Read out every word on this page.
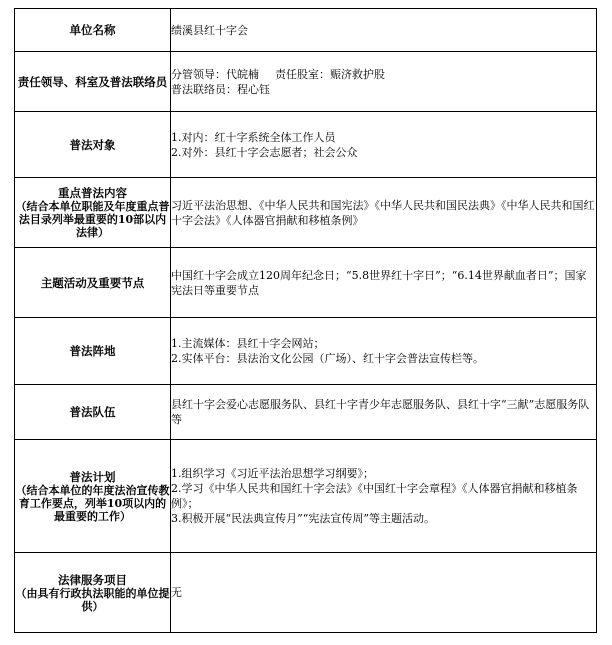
单位名称	绩溪县红十字会

责任领导、科室及普法联络员	分管领导：代皖楠 责任股室：赈济救护股
普法联络员：程心钰

普法对象	1.对内：红十字系统全体工作人员
2.对外：县红十字会志愿者；社会公众

重点普法内容
（结合本单位职能及年度重点普法目录列举最重要的10部以内法律）	习近平法治思想、《中华人民共和国宪法》《中华人民共和国民法典》《中华人民共和国红十字会法》《人体器官捐献和移植条例》

主题活动及重要节点	中国红十字会成立120周年纪念日；“5.8世界红十字日”；“6.14世界献血者日”；国家宪法日等重要节点

普法阵地	1.主流媒体：县红十字会网站；
2.实体平台：县法治文化公园（广场）、红十字会普法宣传栏等。

普法队伍	县红十字会爱心志愿服务队、县红十字青少年志愿服务队、县红十字“三献”志愿服务队等

普法计划
（结合本单位的年度法治宣传教育工作要点，列举10项以内的最重要的工作）	1.组织学习《习近平法治思想学习纲要》；
2.学习《中华人民共和国红十字会法》《中国红十字会章程》《人体器官捐献和移植条例》；
3.积极开展“民法典宣传月”“宪法宣传周”等主题活动。

法律服务项目
（由具有行政执法职能的单位提供）	无
